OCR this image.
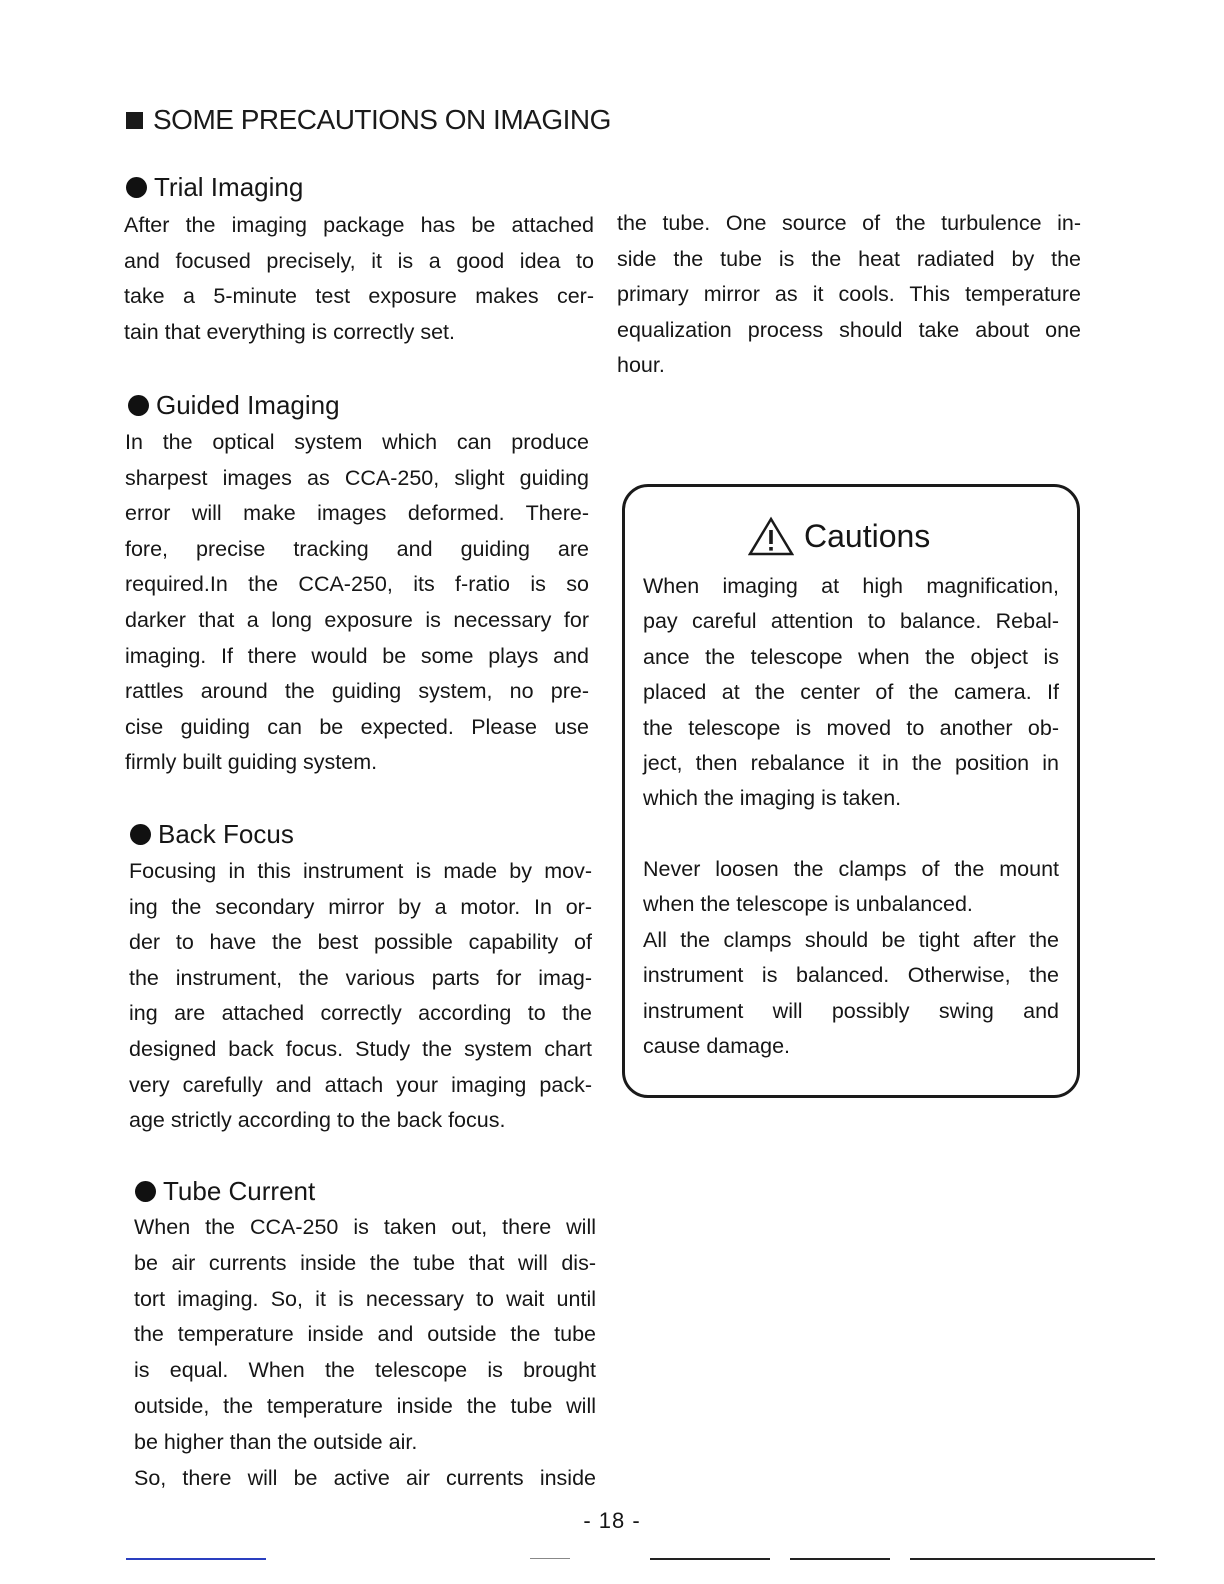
SOME PRECAUTIONS ON IMAGING
Trial Imaging

After the imaging package has be attached
and focused precisely, it is a good idea to
take a 5-minute test exposure makes cer-
tain that everything is correctly set.

Guided Imaging

In the optical system which can produce
sharpest images as CCA-250, slight guiding
error will make images deformed. There-
fore, precise tracking and guiding are
required.In the CCA-250, its f-ratio is so
darker that a long exposure is necessary for
imaging. If there would be some plays and
rattles around the guiding system, no pre-
cise guiding can be expected. Please use
firmly built guiding system.

Back Focus

Focusing in this instrument is made by mov-
ing the secondary mirror by a motor. In or-
der to have the best possible capability of
the instrument, the various parts for imag-
ing are attached correctly according to the
designed back focus. Study the system chart
very carefully and attach your imaging pack-
age strictly according to the back focus.

Tube Current

When the CCA-250 is taken out, there will
be air currents inside the tube that will dis-
tort imaging. So, it is necessary to wait until
the temperature inside and outside the tube
is equal. When the telescope is brought
outside, the temperature inside the tube will
be higher than the outside air.
So, there will be active air currents inside

the tube. One source of the turbulence in-
side the tube is the heat radiated by the
primary mirror as it cools. This temperature
equalization process should take about one
hour.

Cautions

When imaging at high magnification,
pay careful attention to balance. Rebal-
ance the telescope when the object is
placed at the center of the camera. If
the telescope is moved to another ob-
ject, then rebalance it in the position in
which the imaging is taken.

Never loosen the clamps of the mount
when the telescope is unbalanced.
All the clamps should be tight after the
instrument is balanced. Otherwise, the
instrument will possibly swing and
cause damage.

- 18 -
